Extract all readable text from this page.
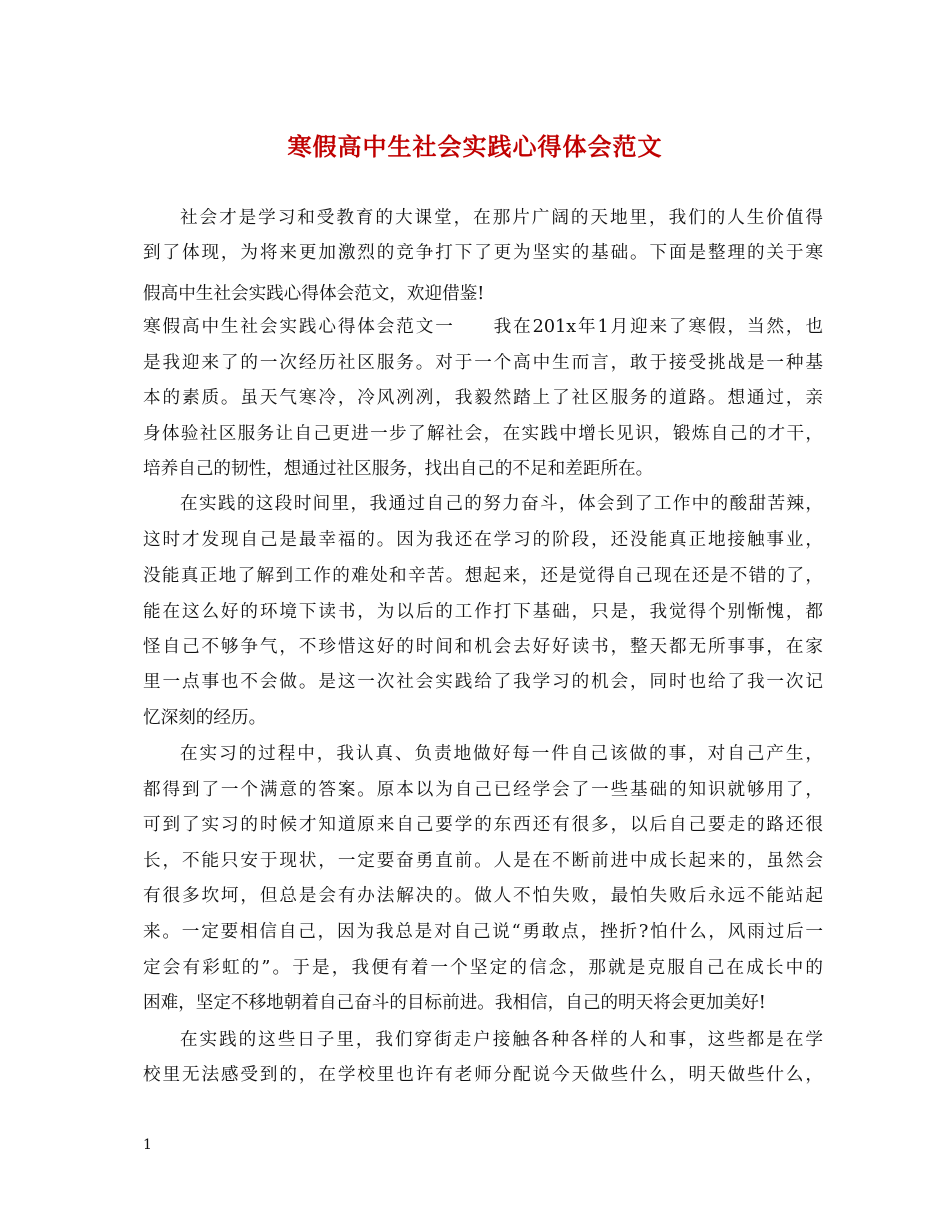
寒假高中生社会实践心得体会范文
社会才是学习和受教育的大课堂，在那片广阔的天地里，我们的人生价值得
到了体现，为将来更加激烈的竞争打下了更为坚实的基础。下面是整理的关于寒
假高中生社会实践心得体会范文，欢迎借鉴!
寒假高中生社会实践心得体会范文一　　我在201x年1月迎来了寒假，当然，也
是我迎来了的一次经历社区服务。对于一个高中生而言，敢于接受挑战是一种基
本的素质。虽天气寒冷，冷风冽冽，我毅然踏上了社区服务的道路。想通过，亲
身体验社区服务让自己更进一步了解社会，在实践中增长见识，锻炼自己的才干，
培养自己的韧性，想通过社区服务，找出自己的不足和差距所在。
在实践的这段时间里，我通过自己的努力奋斗，体会到了工作中的酸甜苦辣，
这时才发现自己是最幸福的。因为我还在学习的阶段，还没能真正地接触事业，
没能真正地了解到工作的难处和辛苦。想起来，还是觉得自己现在还是不错的了，
能在这么好的环境下读书，为以后的工作打下基础，只是，我觉得个别惭愧，都
怪自己不够争气，不珍惜这好的时间和机会去好好读书，整天都无所事事，在家
里一点事也不会做。是这一次社会实践给了我学习的机会，同时也给了我一次记
忆深刻的经历。
在实习的过程中，我认真、负责地做好每一件自己该做的事，对自己产生，
都得到了一个满意的答案。原本以为自己已经学会了一些基础的知识就够用了，
可到了实习的时候才知道原来自己要学的东西还有很多，以后自己要走的路还很
长，不能只安于现状，一定要奋勇直前。人是在不断前进中成长起来的，虽然会
有很多坎坷，但总是会有办法解决的。做人不怕失败，最怕失败后永远不能站起
来。一定要相信自己，因为我总是对自己说“勇敢点，挫折?怕什么，风雨过后一
定会有彩虹的”。于是，我便有着一个坚定的信念，那就是克服自己在成长中的
困难，坚定不移地朝着自己奋斗的目标前进。我相信，自己的明天将会更加美好!
在实践的这些日子里，我们穿街走户接触各种各样的人和事，这些都是在学
校里无法感受到的，在学校里也许有老师分配说今天做些什么，明天做些什么，
1
